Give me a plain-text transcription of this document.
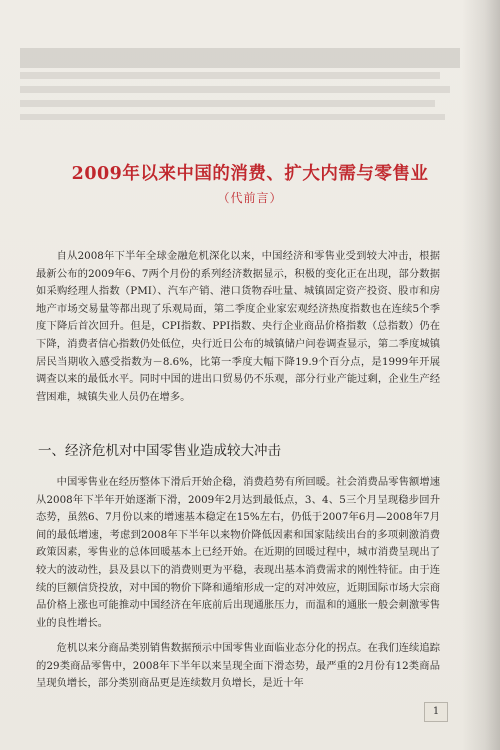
2009年以来中国的消费、扩大内需与零售业
（代前言）

自从2008年下半年全球金融危机深化以来，中国经济和零售业受到较大冲击，根据最新公布的2009年6、7两个月份的系列经济数据显示，积极的变化正在出现，部分数据如采购经理人指数（PMI）、汽车产销、港口货物吞吐量、城镇固定资产投资、股市和房地产市场交易量等都出现了乐观局面，第二季度企业家宏观经济热度指数也在连续5个季度下降后首次回升。但是，CPI指数、PPI指数、央行企业商品价格指数（总指数）仍在下降，消费者信心指数仍处低位，央行近日公布的城镇储户问卷调查显示，第二季度城镇居民当期收入感受指数为－8.6%，比第一季度大幅下降19.9个百分点，是1999年开展调查以来的最低水平。同时中国的进出口贸易仍不乐观，部分行业产能过剩，企业生产经营困难，城镇失业人员仍在增多。

一、经济危机对中国零售业造成较大冲击

中国零售业在经历整体下滑后开始企稳，消费趋势有所回暖。社会消费品零售额增速从2008年下半年开始逐渐下滑，2009年2月达到最低点，3、4、5三个月呈现稳步回升态势，虽然6、7月份以来的增速基本稳定在15%左右，仍低于2007年6月—2008年7月间的最低增速，考虑到2008年下半年以来物价降低因素和国家陆续出台的多项刺激消费政策因素，零售业的总体回暖基本上已经开始。在近期的回暖过程中，城市消费呈现出了较大的波动性，县及县以下的消费则更为平稳，表现出基本消费需求的刚性特征。由于连续的巨额信贷投放，对中国的物价下降和通缩形成一定的对冲效应，近期国际市场大宗商品价格上涨也可能推动中国经济在年底前后出现通胀压力，而温和的通胀一般会刺激零售业的良性增长。

危机以来分商品类别销售数据预示中国零售业面临业态分化的拐点。在我们连续追踪的29类商品零售中，2008年下半年以来呈现全面下滑态势，最严重的2月份有12类商品呈现负增长，部分类别商品更是连续数月负增长，是近十年

1
